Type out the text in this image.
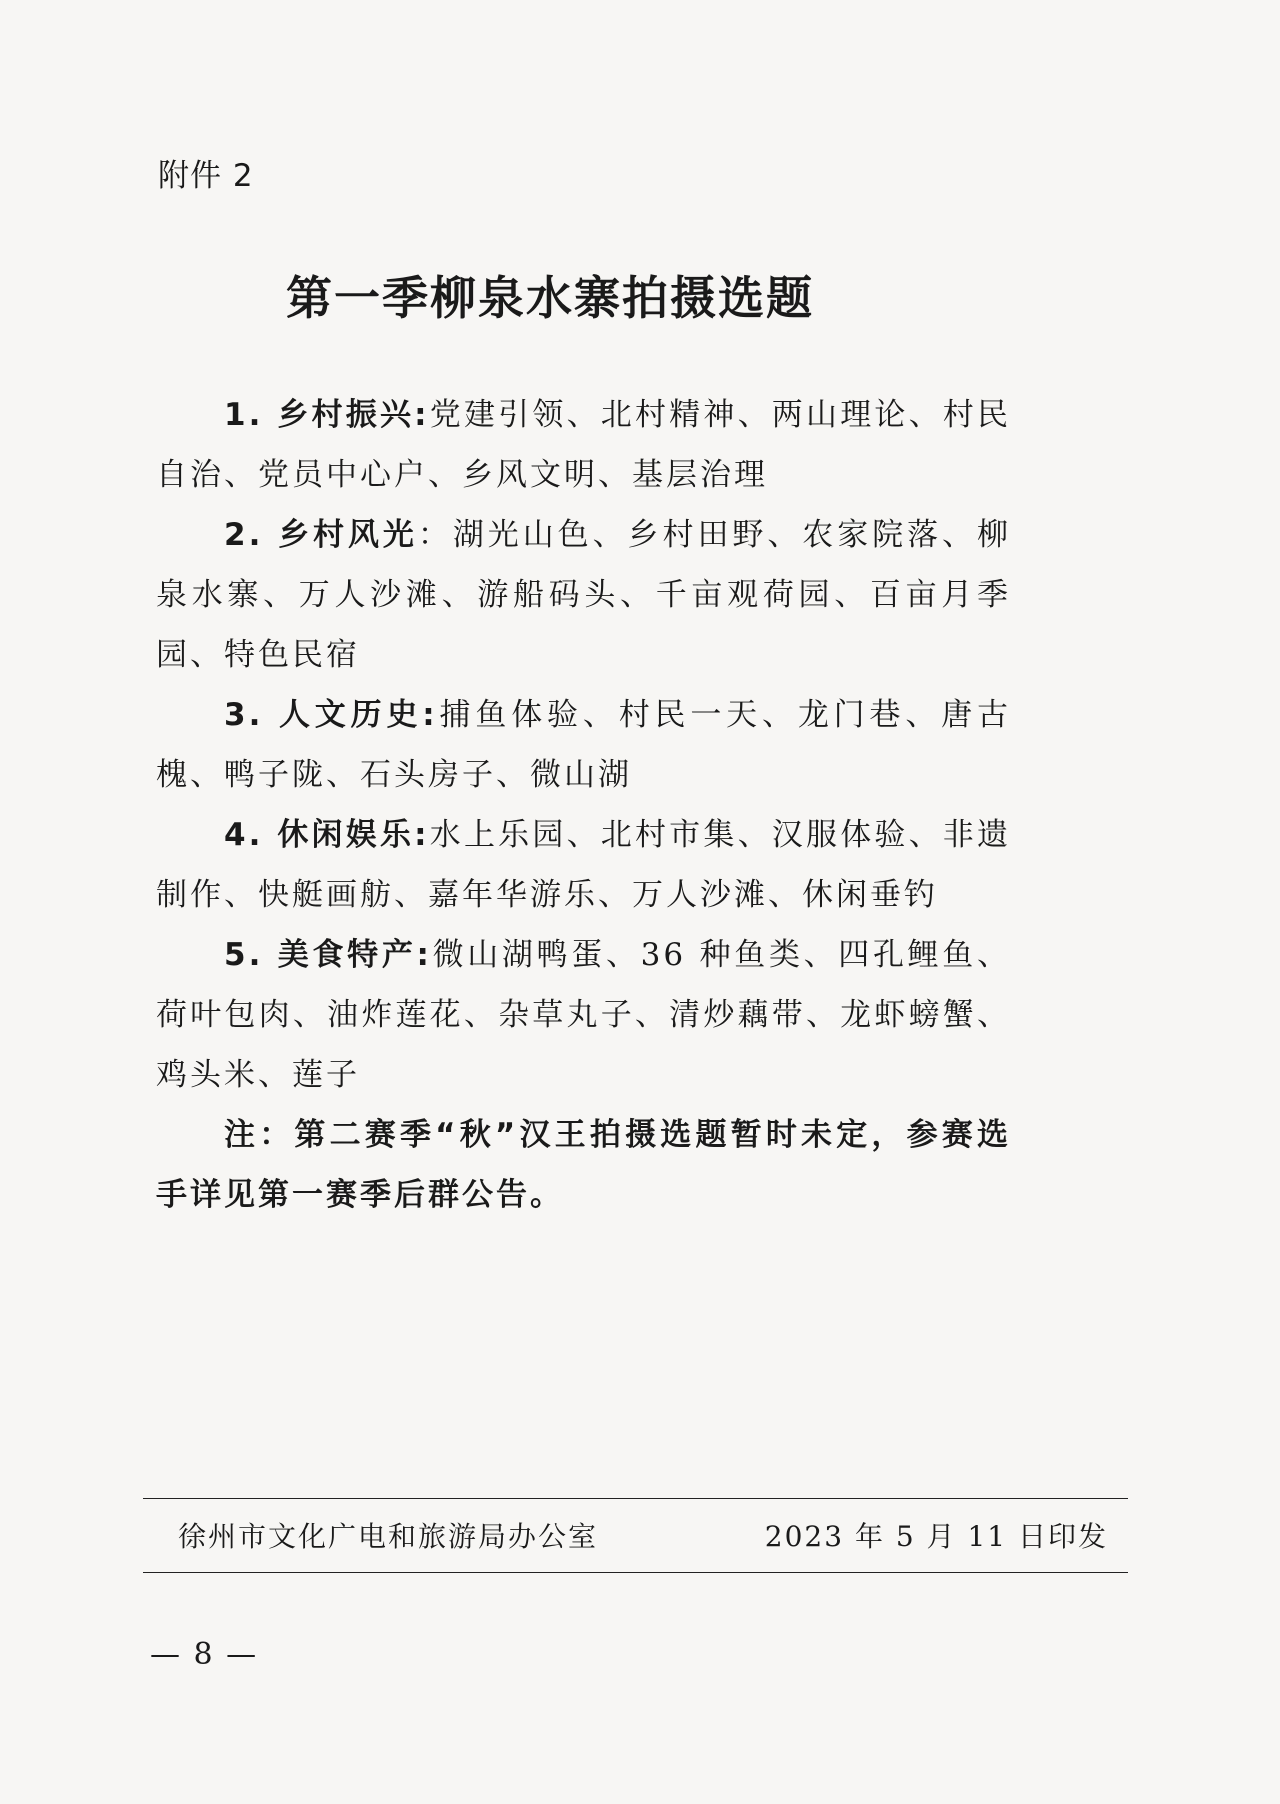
附件 2
第一季柳泉水寨拍摄选题

1. 乡村振兴:党建引领、北村精神、两山理论、村民自治、党员中心户、乡风文明、基层治理

2. 乡村风光：湖光山色、乡村田野、农家院落、柳泉水寨、万人沙滩、游船码头、千亩观荷园、百亩月季园、特色民宿

3. 人文历史:捕鱼体验、村民一天、龙门巷、唐古槐、鸭子陇、石头房子、微山湖

4. 休闲娱乐:水上乐园、北村市集、汉服体验、非遗制作、快艇画舫、嘉年华游乐、万人沙滩、休闲垂钓

5. 美食特产:微山湖鸭蛋、36 种鱼类、四孔鲤鱼、荷叶包肉、油炸莲花、杂草丸子、清炒藕带、龙虾螃蟹、鸡头米、莲子

注：第二赛季“秋”汉王拍摄选题暂时未定，参赛选手详见第一赛季后群公告。

徐州市文化广电和旅游局办公室	2023 年 5 月 11 日印发
— 8 —
